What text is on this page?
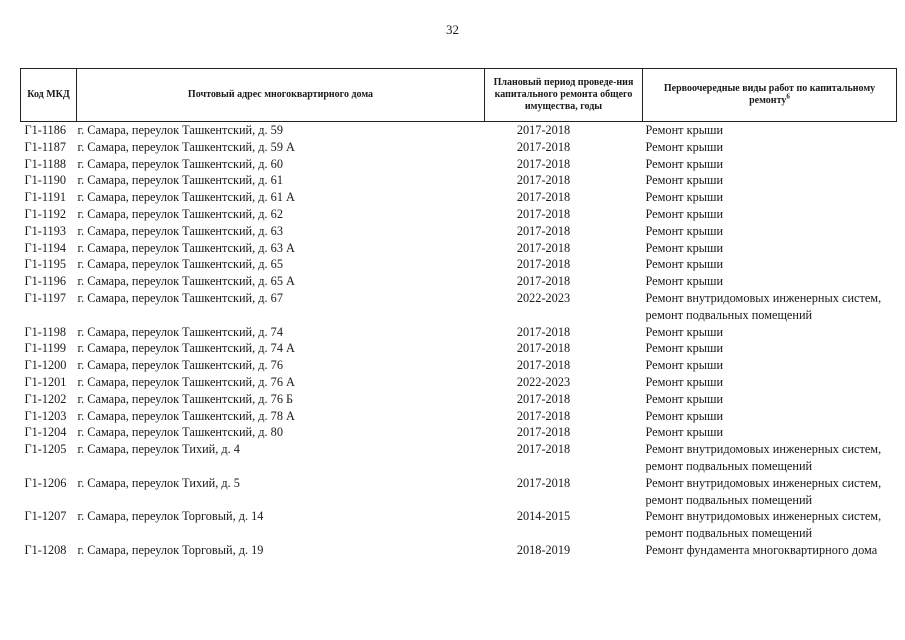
32
Код МКД	Почтовый адрес многоквартирного дома	Плановый период проведе-ния капитального ремонта общего имущества, годы	Первоочередные виды работ по капитальному ремонту$^6$
Г1-1186	г. Самара, переулок Ташкентский, д. 59	2017-2018	Ремонт крыши

Г1-1187	г. Самара, переулок Ташкентский, д. 59 А	2017-2018	Ремонт крыши

Г1-1188	г. Самара, переулок Ташкентский, д. 60	2017-2018	Ремонт крыши

Г1-1190	г. Самара, переулок Ташкентский, д. 61	2017-2018	Ремонт крыши

Г1-1191	г. Самара, переулок Ташкентский, д. 61 А	2017-2018	Ремонт крыши

Г1-1192	г. Самара, переулок Ташкентский, д. 62	2017-2018	Ремонт крыши

Г1-1193	г. Самара, переулок Ташкентский, д. 63	2017-2018	Ремонт крыши

Г1-1194	г. Самара, переулок Ташкентский, д. 63 А	2017-2018	Ремонт крыши

Г1-1195	г. Самара, переулок Ташкентский, д. 65	2017-2018	Ремонт крыши

Г1-1196	г. Самара, переулок Ташкентский, д. 65 А	2017-2018	Ремонт крыши

Г1-1197	г. Самара, переулок Ташкентский, д. 67	2022-2023	Ремонт внутридомовых инженерных систем,
ремонт подвальных помещений

Г1-1198	г. Самара, переулок Ташкентский, д. 74	2017-2018	Ремонт крыши

Г1-1199	г. Самара, переулок Ташкентский, д. 74 А	2017-2018	Ремонт крыши

Г1-1200	г. Самара, переулок Ташкентский, д. 76	2017-2018	Ремонт крыши

Г1-1201	г. Самара, переулок Ташкентский, д. 76 А	2022-2023	Ремонт крыши

Г1-1202	г. Самара, переулок Ташкентский, д. 76 Б	2017-2018	Ремонт крыши

Г1-1203	г. Самара, переулок Ташкентский, д. 78 А	2017-2018	Ремонт крыши

Г1-1204	г. Самара, переулок Ташкентский, д. 80	2017-2018	Ремонт крыши

Г1-1205	г. Самара, переулок Тихий, д. 4	2017-2018	Ремонт внутридомовых инженерных систем,
ремонт подвальных помещений

Г1-1206	г. Самара, переулок Тихий, д. 5	2017-2018	Ремонт внутридомовых инженерных систем,
ремонт подвальных помещений

Г1-1207	г. Самара, переулок Торговый, д. 14	2014-2015	Ремонт внутридомовых инженерных систем,
ремонт подвальных помещений

Г1-1208	г. Самара, переулок Торговый, д. 19	2018-2019	Ремонт фундамента многоквартирного дома
